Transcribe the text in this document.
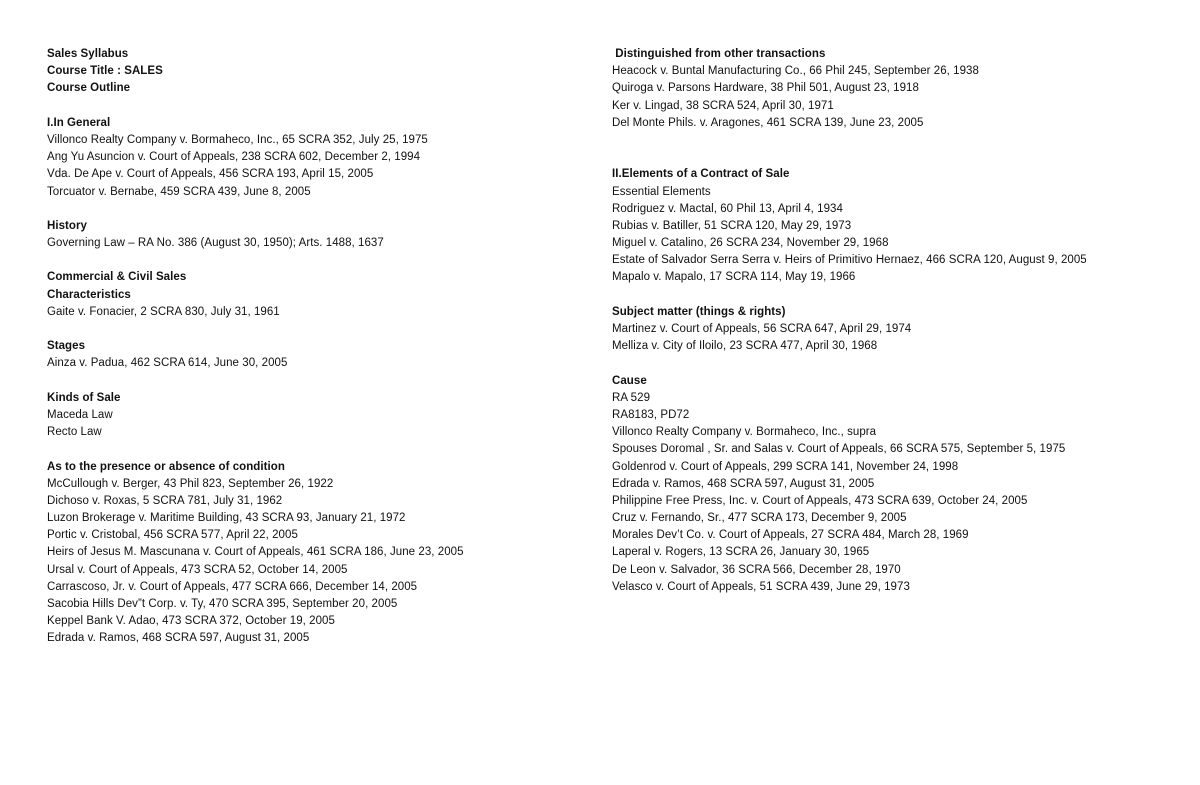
Sales Syllabus
Course Title : SALES
Course Outline
I.In General
Villonco Realty Company v. Bormaheco, Inc., 65 SCRA 352, July 25, 1975
Ang Yu Asuncion v. Court of Appeals, 238 SCRA 602, December 2, 1994
Vda. De Ape v. Court of Appeals, 456 SCRA 193, April 15, 2005
Torcuator v. Bernabe, 459 SCRA 439, June 8, 2005
History
Governing Law – RA No. 386 (August 30, 1950); Arts. 1488, 1637
Commercial & Civil Sales
Characteristics
Gaite v. Fonacier, 2 SCRA 830, July 31, 1961
Stages
Ainza v. Padua, 462 SCRA 614, June 30, 2005
Kinds of Sale
Maceda Law
Recto Law
As to the presence or absence of condition
McCullough v. Berger, 43 Phil 823, September 26, 1922
Dichoso v. Roxas, 5 SCRA 781, July 31, 1962
Luzon Brokerage v. Maritime Building, 43 SCRA 93, January 21, 1972
Portic v. Cristobal, 456 SCRA 577, April 22, 2005
Heirs of Jesus M. Mascunana v. Court of Appeals, 461 SCRA 186, June 23, 2005
Ursal v. Court of Appeals, 473 SCRA 52, October 14, 2005
Carrascoso, Jr. v. Court of Appeals, 477 SCRA 666, December 14, 2005
Sacobia Hills Dev”t Corp. v. Ty, 470 SCRA 395, September 20, 2005
Keppel Bank V. Adao, 473 SCRA 372, October 19, 2005
Edrada v. Ramos, 468 SCRA 597, August 31, 2005
Distinguished from other transactions
Heacock v. Buntal Manufacturing Co., 66 Phil 245, September 26, 1938
Quiroga v. Parsons Hardware, 38 Phil 501, August 23, 1918
Ker v. Lingad, 38 SCRA 524, April 30, 1971
Del Monte Phils. v. Aragones, 461 SCRA 139, June 23, 2005
II.Elements of a Contract of Sale
Essential Elements
Rodriguez v. Mactal, 60 Phil 13, April 4, 1934
Rubias v. Batiller, 51 SCRA 120, May 29, 1973
Miguel v. Catalino, 26 SCRA 234, November 29, 1968
Estate of Salvador Serra Serra v. Heirs of Primitivo Hernaez, 466 SCRA 120, August 9, 2005
Mapalo v. Mapalo, 17 SCRA 114, May 19, 1966
Subject matter (things & rights)
Martinez v. Court of Appeals, 56 SCRA 647, April 29, 1974
Melliza v. City of Iloilo, 23 SCRA 477, April 30, 1968
Cause
RA 529
RA8183, PD72
Villonco Realty Company v. Bormaheco, Inc., supra
Spouses Doromal , Sr. and Salas v. Court of Appeals, 66 SCRA 575, September 5, 1975
Goldenrod v. Court of Appeals, 299 SCRA 141, November 24, 1998
Edrada v. Ramos, 468 SCRA 597, August 31, 2005
Philippine Free Press, Inc. v. Court of Appeals, 473 SCRA 639, October 24, 2005
Cruz v. Fernando, Sr., 477 SCRA 173, December 9, 2005
Morales Dev’t Co. v. Court of Appeals, 27 SCRA 484, March 28, 1969
Laperal v. Rogers, 13 SCRA 26, January 30, 1965
De Leon v. Salvador, 36 SCRA 566, December 28, 1970
Velasco v. Court of Appeals, 51 SCRA 439, June 29, 1973
